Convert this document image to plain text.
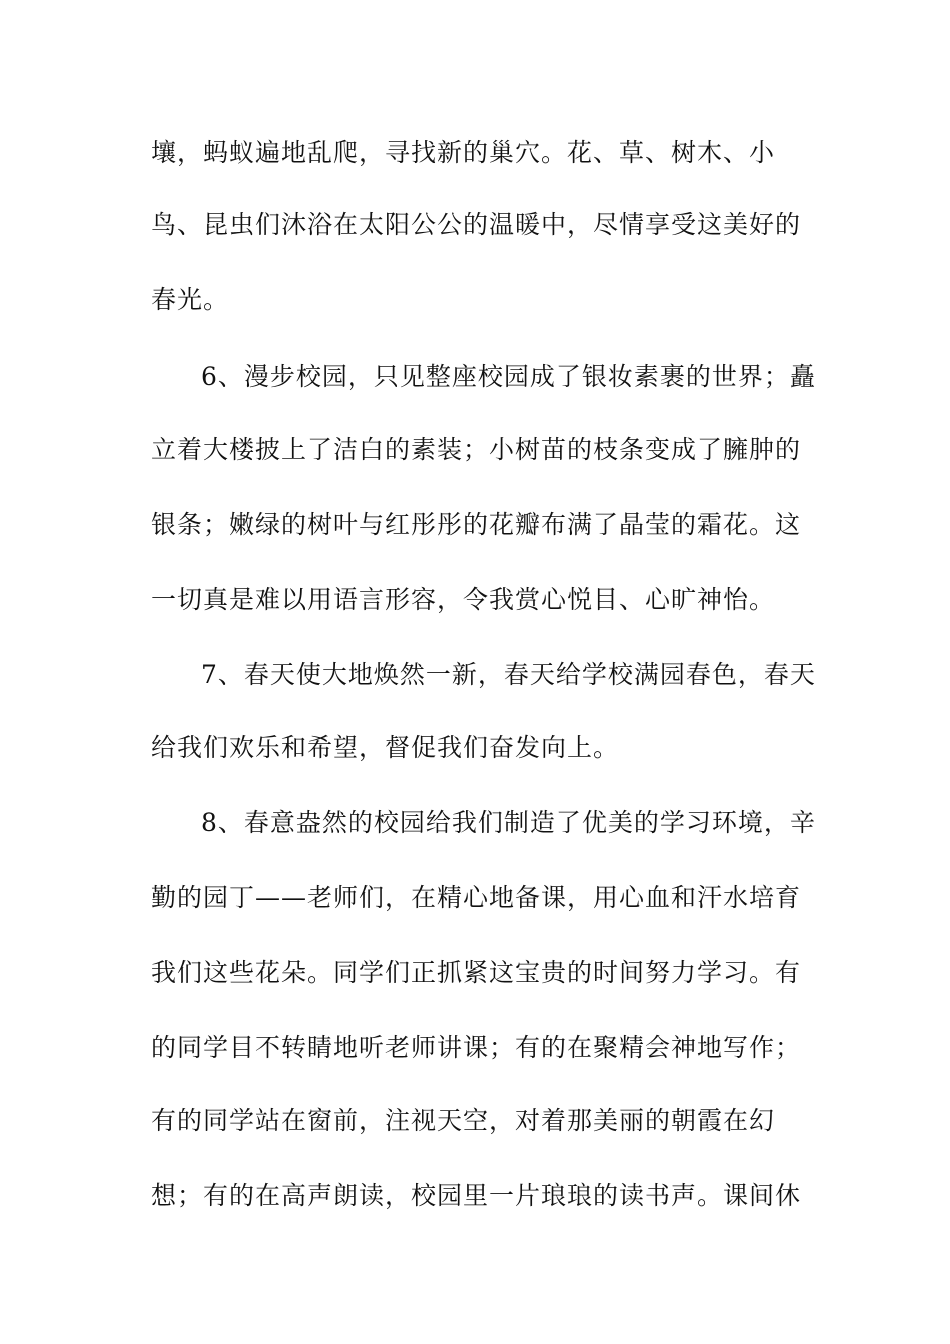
壤，蚂蚁遍地乱爬，寻找新的巢穴。花、草、树木、小
鸟、昆虫们沐浴在太阳公公的温暖中，尽情享受这美好的
春光。
6、漫步校园，只见整座校园成了银妆素裹的世界；矗
立着大楼披上了洁白的素装；小树苗的枝条变成了臃肿的
银条；嫩绿的树叶与红彤彤的花瓣布满了晶莹的霜花。这
一切真是难以用语言形容，令我赏心悦目、心旷神怡。
7、春天使大地焕然一新，春天给学校满园春色，春天
给我们欢乐和希望，督促我们奋发向上。
8、春意盎然的校园给我们制造了优美的学习环境，辛
勤的园丁——老师们，在精心地备课，用心血和汗水培育
我们这些花朵。同学们正抓紧这宝贵的时间努力学习。有
的同学目不转睛地听老师讲课；有的在聚精会神地写作；
有的同学站在窗前，注视天空，对着那美丽的朝霞在幻
想；有的在高声朗读，校园里一片琅琅的读书声。课间休
